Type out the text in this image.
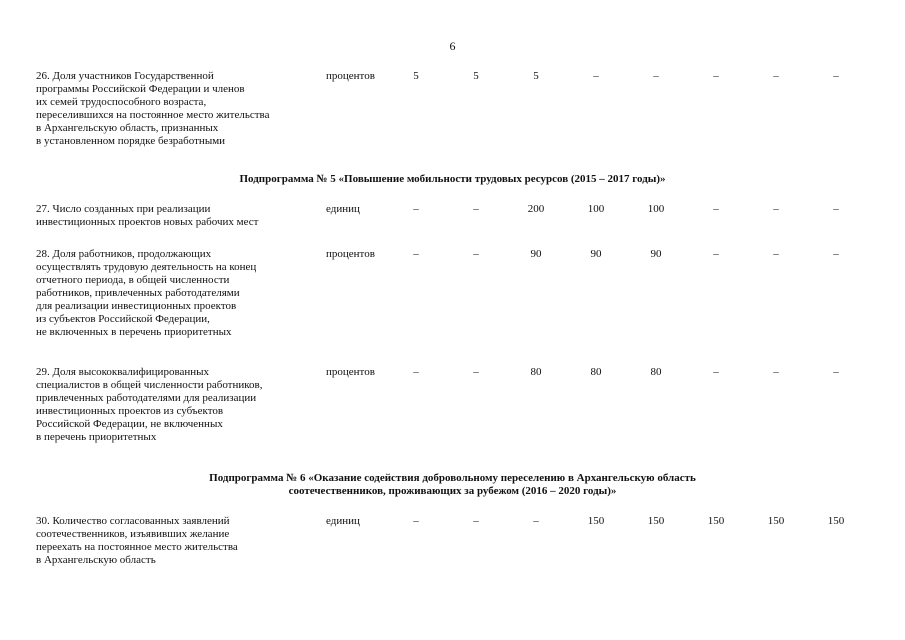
6
26. Доля участников Государственной
программы Российской Федерации и членов
их семей трудоспособного возраста,
переселившихся на постоянное место жительства
в Архангельскую область, признанных
в установленном порядке безработными
процентов	5	5	5	–	–	–	–	–
Подпрограмма № 5 «Повышение мобильности трудовых ресурсов (2015 – 2017 годы)»
27. Число созданных при реализации
инвестиционных проектов новых рабочих мест
единиц	–	–	200	100	100	–	–	–
28. Доля работников, продолжающих
осуществлять трудовую деятельность на конец
отчетного периода, в общей численности
работников, привлеченных работодателями
для реализации инвестиционных проектов
из субъектов Российской Федерации,
не включенных в перечень приоритетных
процентов	–	–	90	90	90	–	–	–
29. Доля высококвалифицированных
специалистов в общей численности работников,
привлеченных работодателями для реализации
инвестиционных проектов из субъектов
Российской Федерации, не включенных
в перечень приоритетных
процентов	–	–	80	80	80	–	–	–
Подпрограмма № 6 «Оказание содействия добровольному переселению в Архангельскую область
соотечественников, проживающих за рубежом (2016 – 2020 годы)»
30. Количество согласованных заявлений
соотечественников, изъявивших желание
переехать на постоянное место жительства
в Архангельскую область
единиц	–	–	–	150	150	150	150	150
